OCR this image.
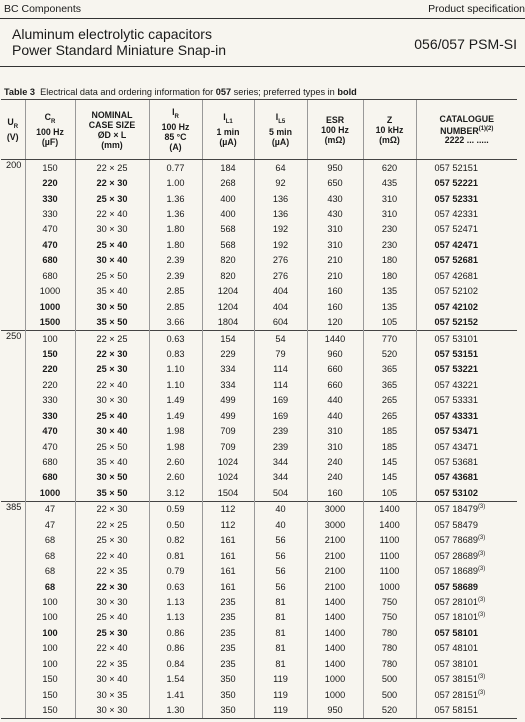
BC Components	Product specification
Aluminum electrolytic capacitors
Power Standard Miniature Snap-in	056/057 PSM-SI
Table 3 Electrical data and ordering information for 057 series; preferred types in bold
$U_R$
(V)	$C_R$
100 Hz
(µF)	NOMINAL
CASE SIZE
ØD × L
(mm)	$I_R$
100 Hz
85 °C
(A)	$I_{L1}$
1 min
(µA)	$I_{L5}$
5 min
(µA)	ESR
100 Hz
(mΩ)	Z
10 kHz
(mΩ)	CATALOGUE
$NUMBER^{(1)(2)}$
2222 ... .....
200	150	22 × 25	0.77	184	64	950	620	057 52151
	220	22 × 30	1.00	268	92	650	435	057 52221
	330	25 × 30	1.36	400	136	430	310	057 52331
	330	22 × 40	1.36	400	136	430	310	057 42331
	470	30 × 30	1.80	568	192	310	230	057 52471
	470	25 × 40	1.80	568	192	310	230	057 42471
	680	30 × 40	2.39	820	276	210	180	057 52681
	680	25 × 50	2.39	820	276	210	180	057 42681
	1000	35 × 40	2.85	1204	404	160	135	057 52102
	1000	30 × 50	2.85	1204	404	160	135	057 42102
	1500	35 × 50	3.66	1804	604	120	105	057 52152
250	100	22 × 25	0.63	154	54	1440	770	057 53101
	150	22 × 30	0.83	229	79	960	520	057 53151
	220	25 × 30	1.10	334	114	660	365	057 53221
	220	22 × 40	1.10	334	114	660	365	057 43221
	330	30 × 30	1.49	499	169	440	265	057 53331
	330	25 × 40	1.49	499	169	440	265	057 43331
	470	30 × 40	1.98	709	239	310	185	057 53471
	470	25 × 50	1.98	709	239	310	185	057 43471
	680	35 × 40	2.60	1024	344	240	145	057 53681
	680	30 × 50	2.60	1024	344	240	145	057 43681
	1000	35 × 50	3.12	1504	504	160	105	057 53102
385	47	22 × 30	0.59	112	40	3000	1400	057 18479$^{(3)}$
	47	22 × 25	0.50	112	40	3000	1400	057 58479
	68	25 × 30	0.82	161	56	2100	1100	057 78689$^{(3)}$
	68	22 × 40	0.81	161	56	2100	1100	057 28689$^{(3)}$
	68	22 × 35	0.79	161	56	2100	1100	057 18689$^{(3)}$
	68	22 × 30	0.63	161	56	2100	1000	057 58689
	100	30 × 30	1.13	235	81	1400	750	057 28101$^{(3)}$
	100	25 × 40	1.13	235	81	1400	750	057 18101$^{(3)}$
	100	25 × 30	0.86	235	81	1400	780	057 58101
	100	22 × 40	0.86	235	81	1400	780	057 48101
	100	22 × 35	0.84	235	81	1400	780	057 38101
	150	30 × 40	1.54	350	119	1000	500	057 38151$^{(3)}$
	150	30 × 35	1.41	350	119	1000	500	057 28151$^{(3)}$
	150	30 × 30	1.30	350	119	950	520	057 58151
